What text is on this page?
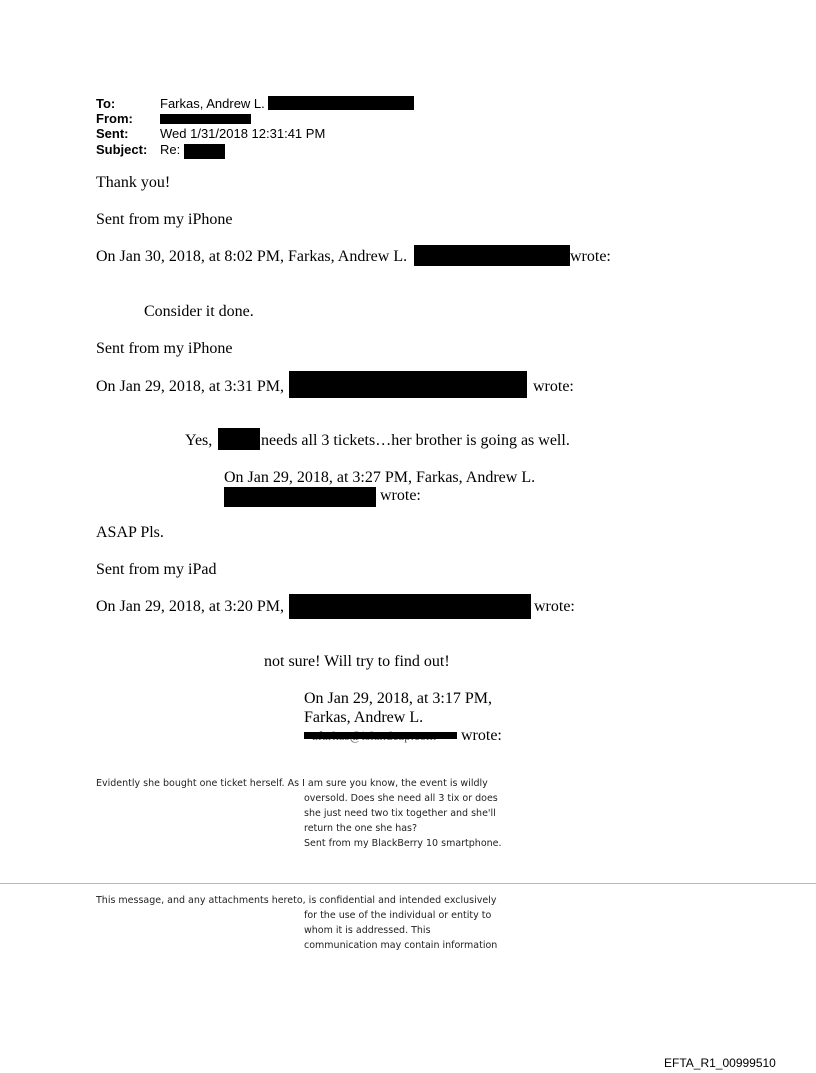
To:	Farkas, Andrew L.
From:
Sent: Wed 1/31/2018 12:31:41 PM
Subject: Re:
Thank you!
Sent from my iPhone
On Jan 30, 2018, at 8:02 PM, Farkas, Andrew L.	wrote:
Consider it done.
Sent from my iPhone
On Jan 29, 2018, at 3:31 PM,	wrote:
Yes,	needs all 3 tickets…her brother is going as well.
On Jan 29, 2018, at 3:27 PM, Farkas, Andrew L.
wrote:
ASAP Pls.
Sent from my iPad
On Jan 29, 2018, at 3:20 PM,	wrote:
not sure! Will try to find out!
On Jan 29, 2018, at 3:17 PM,
Farkas, Andrew L.
wrote:
Evidently she bought one ticket herself. As I am sure you know, the event is wildly
oversold. Does she need all 3 tix or does
she just need two tix together and she'll
return the one she has?
Sent from my BlackBerry 10 smartphone.
This message, and any attachments hereto, is confidential and intended exclusively
for the use of the individual or entity to
whom it is addressed. This
communication may contain information
EFTA_R1_00999510
